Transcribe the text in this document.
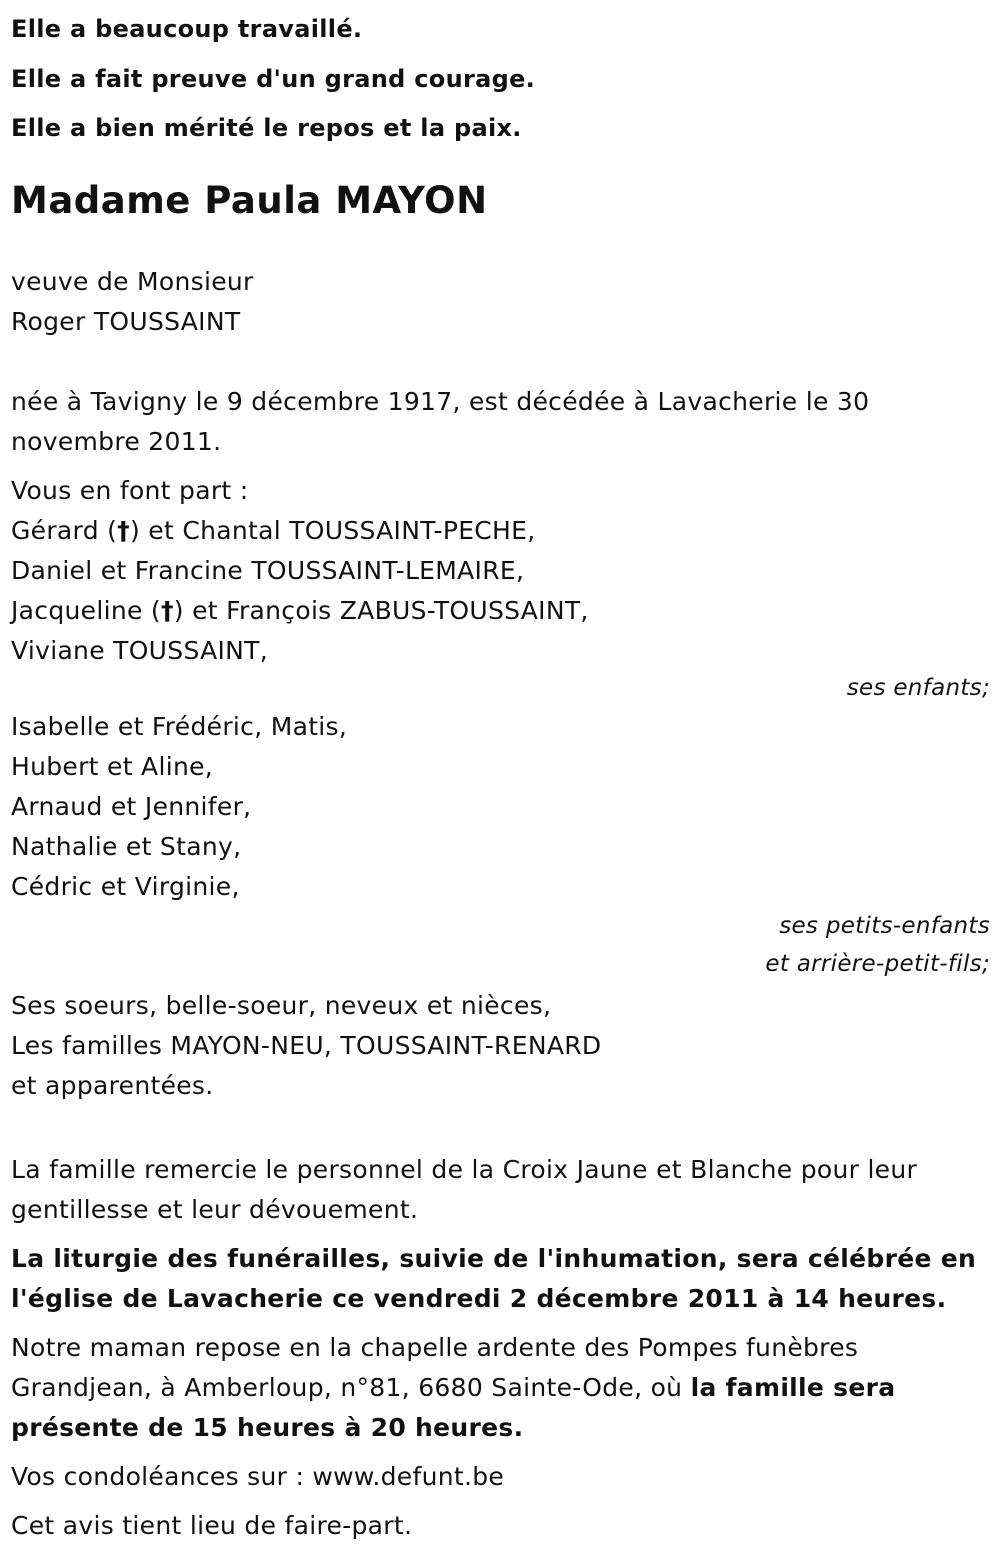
Elle a beaucoup travaillé.

Elle a fait preuve d'un grand courage.

Elle a bien mérité le repos et la paix.

Madame Paula MAYON
veuve de Monsieur
Roger TOUSSAINT
née à Tavigny le 9 décembre 1917, est décédée à Lavacherie le 30
novembre 2011.
Vous en font part :
Gérard (†) et Chantal TOUSSAINT-PECHE,
Daniel et Francine TOUSSAINT-LEMAIRE,
Jacqueline (†) et François ZABUS-TOUSSAINT,
Viviane TOUSSAINT,
ses enfants;
Isabelle et Frédéric, Matis,
Hubert et Aline,
Arnaud et Jennifer,
Nathalie et Stany,
Cédric et Virginie,
ses petits-enfants
et arrière-petit-fils;
Ses soeurs, belle-soeur, neveux et nièces,
Les familles MAYON-NEU, TOUSSAINT-RENARD
et apparentées.
La famille remercie le personnel de la Croix Jaune et Blanche pour leur
gentillesse et leur dévouement.
La liturgie des funérailles, suivie de l'inhumation, sera célébrée en
l'église de Lavacherie ce vendredi 2 décembre 2011 à 14 heures.
Notre maman repose en la chapelle ardente des Pompes funèbres
Grandjean, à Amberloup, n°81, 6680 Sainte-Ode, où la famille sera
présente de 15 heures à 20 heures.
Vos condoléances sur : www.defunt.be
Cet avis tient lieu de faire-part.
